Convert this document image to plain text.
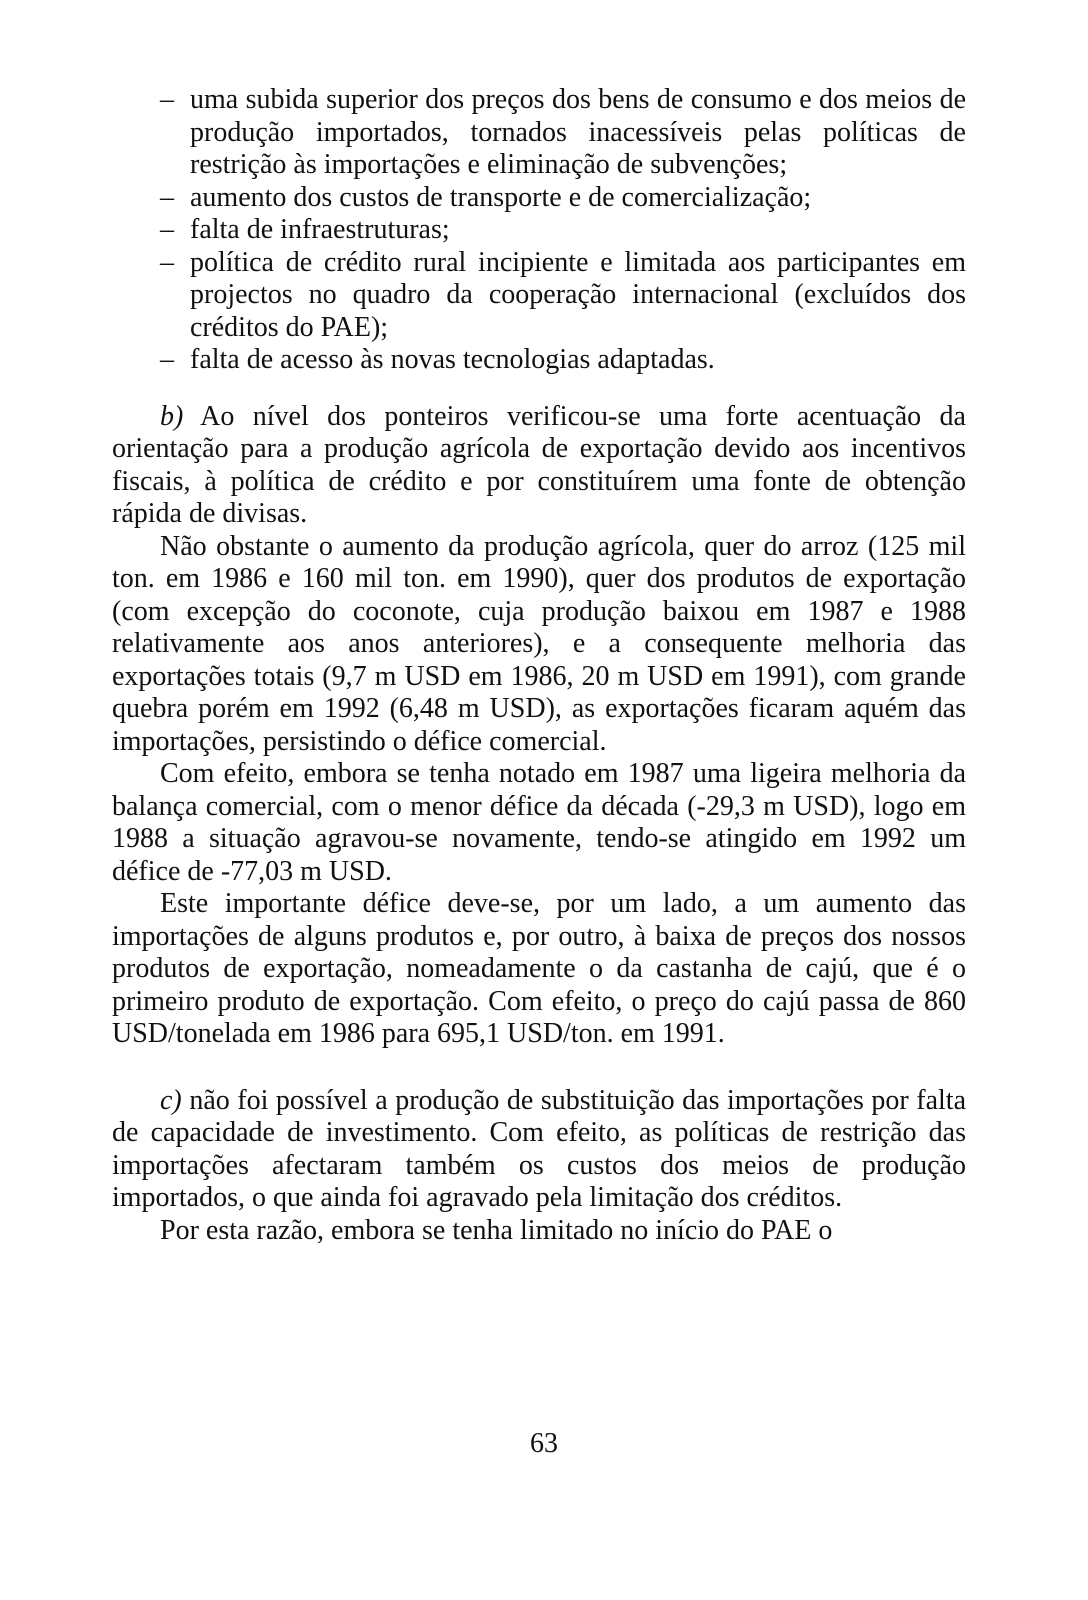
– uma subida superior dos preços dos bens de consumo e dos meios de produção importados, tornados inacessíveis pelas políticas de restrição às importações e eliminação de subvenções;
– aumento dos custos de transporte e de comercialização;
– falta de infraestruturas;
– política de crédito rural incipiente e limitada aos participantes em projectos no quadro da cooperação internacional (excluídos dos créditos do PAE);
– falta de acesso às novas tecnologias adaptadas.

b) Ao nível dos ponteiros verificou-se uma forte acentuação da orientação para a produção agrícola de exportação devido aos incentivos fiscais, à política de crédito e por constituírem uma fonte de obtenção rápida de divisas.

Não obstante o aumento da produção agrícola, quer do arroz (125 mil ton. em 1986 e 160 mil ton. em 1990), quer dos produtos de exportação (com excepção do coconote, cuja produção baixou em 1987 e 1988 relativamente aos anos anteriores), e a consequente melhoria das exportações totais (9,7 m USD em 1986, 20 m USD em 1991), com grande quebra porém em 1992 (6,48 m USD), as exportações ficaram aquém das importações, persistindo o défice comercial.

Com efeito, embora se tenha notado em 1987 uma ligeira melhoria da balança comercial, com o menor défice da década (-29,3 m USD), logo em 1988 a situação agravou-se novamente, tendo-se atingido em 1992 um défice de -77,03 m USD.

Este importante défice deve-se, por um lado, a um aumento das importações de alguns produtos e, por outro, à baixa de preços dos nossos produtos de exportação, nomeadamente o da castanha de cajú, que é o primeiro produto de exportação. Com efeito, o preço do cajú passa de 860 USD/tonelada em 1986 para 695,1 USD/ton. em 1991.

c) não foi possível a produção de substituição das importações por falta de capacidade de investimento. Com efeito, as políticas de restrição das importações afectaram também os custos dos meios de produção importados, o que ainda foi agravado pela limitação dos créditos.

Por esta razão, embora se tenha limitado no início do PAE o

63
